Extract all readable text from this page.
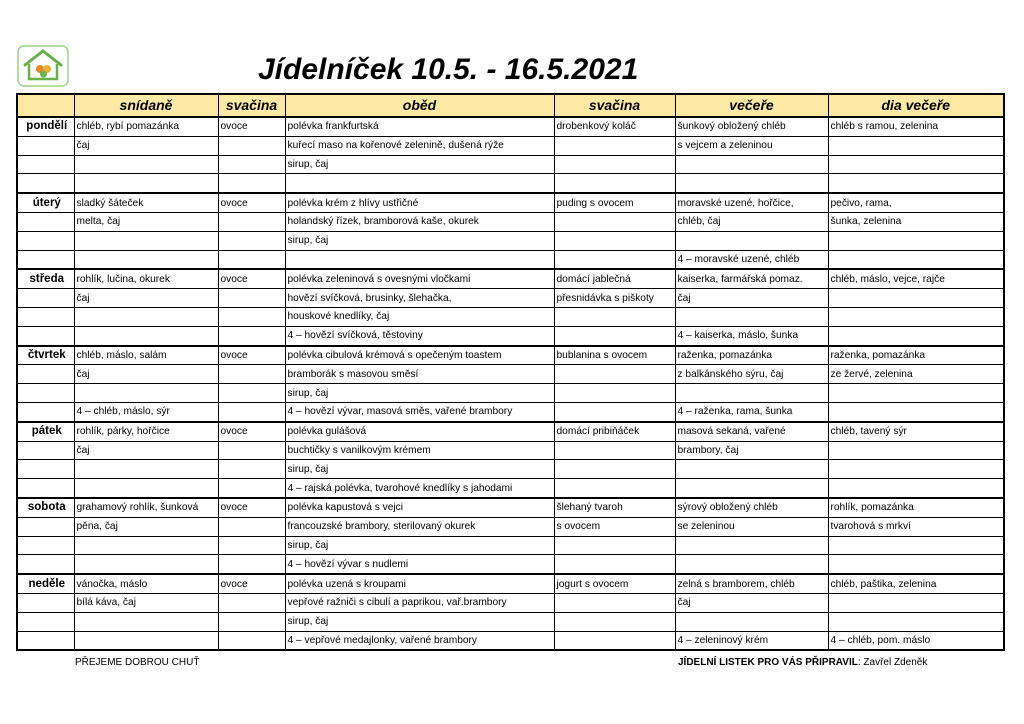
Jídelníček 10.5. - 16.5.2021
	snídaně	svačina	oběd	svačina	večeře	dia večeře
pondělí	chléb, rybí pomazánka	ovoce	polévka frankfurtská	drobenkový koláč	šunkový obložený chléb	chléb s ramou, zelenina
	čaj		kuřecí maso na kořenové zelenině, dušená rýže		s vejcem a zeleninou	
			sirup, čaj			

úterý	sladký šáteček	ovoce	polévka krém z hlívy ustřičné	puding s ovocem	moravské uzené, hořčice,	pečivo, rama,
	melta, čaj		holandský řízek, bramborová kaše, okurek		chléb, čaj	šunka, zelenina
			sirup, čaj			
					4 – moravské uzené, chléb	
středa	rohlík, lučina, okurek	ovoce	polévka zeleninová s ovesnými vločkami	domácí jablečná	kaiserka, farmářská pomaz.	chléb, máslo, vejce, rajče
	čaj		hovězí svíčková, brusinky, šlehačka,	přesnidávka s piškoty	čaj	
			houskové knedlíky, čaj			
			4 – hovězí svíčková, těstoviny		4 – kaiserka, máslo, šunka	
čtvrtek	chléb, máslo, salám	ovoce	polévka cibulová krémová s opečeným toastem	bublanina s ovocem	raženka, pomazánka	raženka, pomazánka
	čaj		bramborák s masovou směsí		z balkánského sýru, čaj	ze žervé, zelenina
			sirup, čaj			
	4 – chléb, máslo, sýr		4 – hovězí vývar, masová směs, vařené brambory		4 – raženka, rama, šunka	
pátek	rohlík, párky, hořčice	ovoce	polévka gulášová	domácí pribiňáček	masová sekaná, vařené	chléb, tavený sýr
	čaj		buchtičky s vanilkovým krémem		brambory, čaj	
			sirup, čaj			
			4 – rajská polévka, tvarohové knedlíky s jahodami			
sobota	grahamový rohlík, šunková	ovoce	polévka kapustová s vejci	šlehaný tvaroh	sýrový obložený chléb	rohlík, pomazánka
	pěna, čaj		francouzské brambory, sterilovaný okurek	s ovocem	se zeleninou	tvarohová s mrkví
			sirup, čaj			
			4 – hovězí vývar s nudlemi			
neděle	vánočka, máslo	ovoce	polévka uzená s kroupami	jogurt s ovocem	zelná s bramborem, chléb	chléb, paštika, zelenina
	bílá káva, čaj		vepřové ražniči s cibulí a paprikou, vař.brambory		čaj	
			sirup, čaj			
			4 – vepřové medajlonky, vařené brambory		4 – zeleninový krém	4 – chléb, pom. máslo
PŘEJEME DOBROU CHUŤ	JÍDELNÍ LISTEK PRO VÁS PŘIPRAVIL: Zavřel Zdeněk
